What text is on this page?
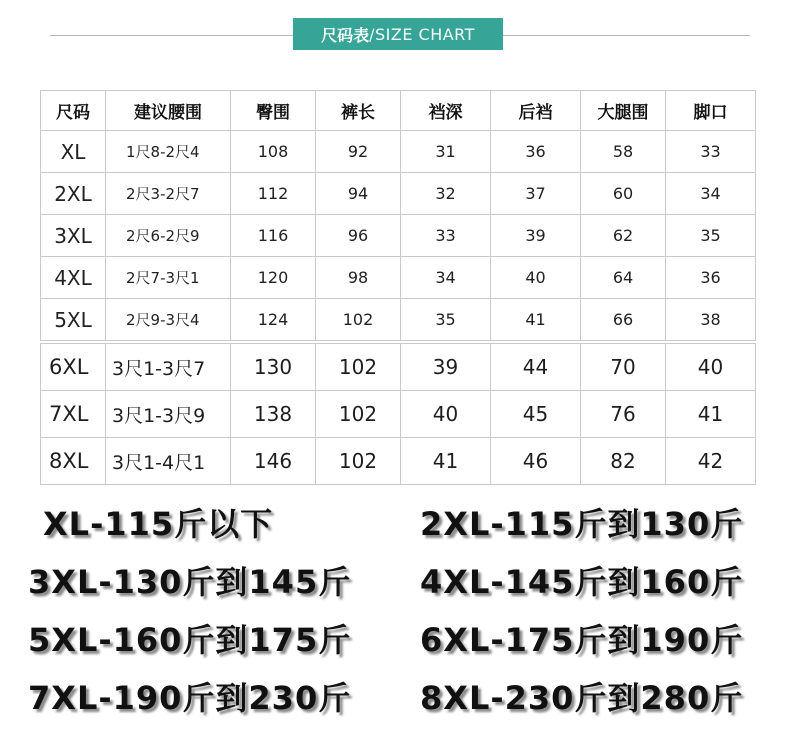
尺码表 /SIZE CHART
尺码	建议腰围	臀围	裤长	裆深	后裆	大腿围	脚口
XL	1尺8-2尺4	108	92	31	36	58	33
2XL	2尺3-2尺7	112	94	32	37	60	34
3XL	2尺6-2尺9	116	96	33	39	62	35
4XL	2尺7-3尺1	120	98	34	40	64	36
5XL	2尺9-3尺4	124	102	35	41	66	38
6XL	3尺1-3尺7	130	102	39	44	70	40
7XL	3尺1-3尺9	138	102	40	45	76	41
8XL	3尺1-4尺1	146	102	41	46	82	42
XL-115斤以下	2XL-115斤到130斤
3XL-130斤到145斤	4XL-145斤到160斤
5XL-160斤到175斤	6XL-175斤到190斤
7XL-190斤到230斤	8XL-230斤到280斤
